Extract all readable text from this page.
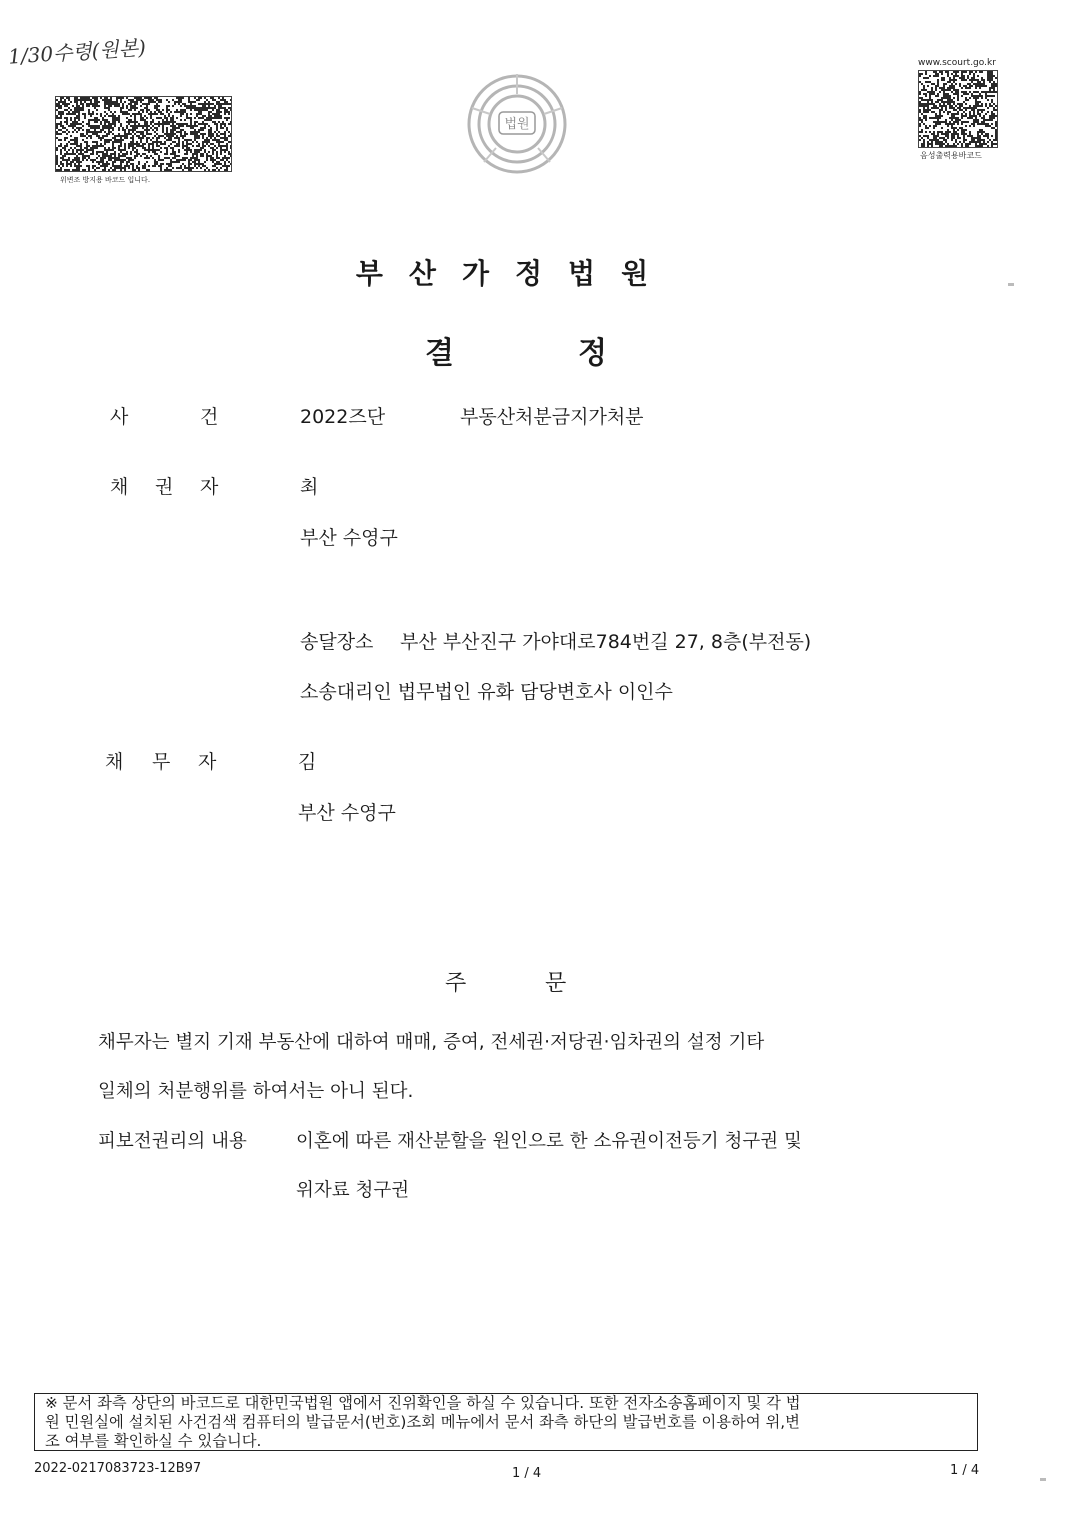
1/30수령(원본)
위변조 방지용 바코드 입니다.
법원
www.scourt.go.kr
음성출력용바코드
부산가정법원
결	정
사	건	2022즈단	부동산처분금지가처분
채 권 자	최
부산 수영구
송달장소 부산 부산진구 가야대로784번길 27, 8층(부전동)
소송대리인 법무법인 유화 담당변호사 이인수
채 무 자	김
부산 수영구
주	문
채무자는 별지 기재 부동산에 대하여 매매, 증여, 전세권·저당권·임차권의 설정 기타
일체의 처분행위를 하여서는 아니 된다.
피보전권리의 내용	이혼에 따른 재산분할을 원인으로 한 소유권이전등기 청구권 및
위자료 청구권
※ 문서 좌측 상단의 바코드로 대한민국법원 앱에서 진위확인을 하실 수 있습니다. 또한 전자소송홈페이지 및 각 법
원 민원실에 설치된 사건검색 컴퓨터의 발급문서(번호)조회 메뉴에서 문서 좌측 하단의 발급번호를 이용하여 위,변
조 여부를 확인하실 수 있습니다.
2022-0217083723-12B97	1 / 4	1 / 4
